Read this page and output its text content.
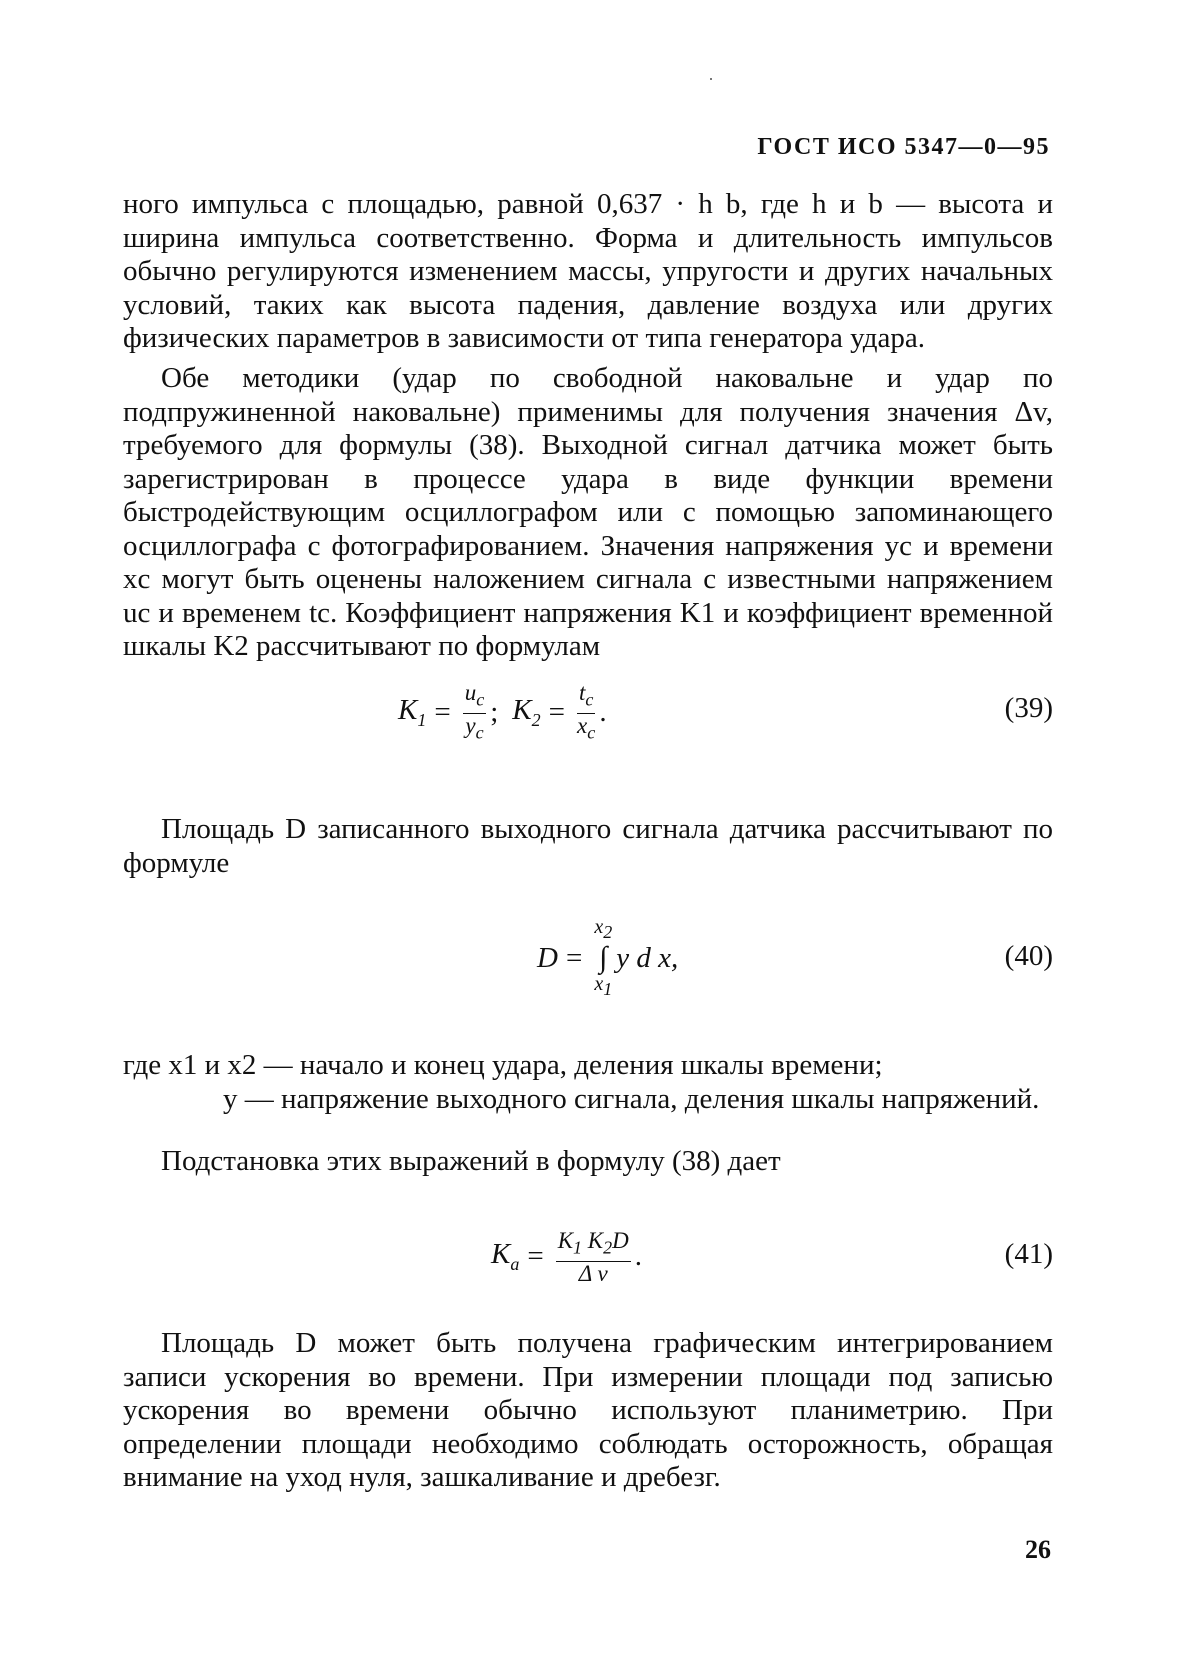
ГОСТ ИСО 5347—0—95

ного импульса с площадью, равной 0,637 · h b, где h и b — высота и ширина импульса соответственно. Форма и длительность импульсов обычно регулируются изменением массы, упругости и других начальных условий, таких как высота падения, давление воздуха или других физических параметров в зависимости от типа генератора удара.

Обе методики (удар по свободной наковальне и удар по подпружиненной наковальне) применимы для получения значения Δv, требуемого для формулы (38). Выходной сигнал датчика может быть зарегистрирован в процессе удара в виде функции времени быстродействующим осциллографом или с помощью запоминающего осциллографа с фотографированием. Значения напряжения yc и времени xc могут быть оценены наложением сигнала с известными напряжением uc и временем tc. Коэффициент напряжения K1 и коэффициент временной шкалы K2 рассчитывают по формулам

$K_1 = \frac{u_c}{y_c}$ ; $K_2 = \frac{t_c}{x_c}$ .	(39)

Площадь D записанного выходного сигнала датчика рассчитывают по формуле

D =
$x_2$
∫
$x_1$
y d x,	(40)

где x1 и x2 — начало и конец удара, деления шкалы времени;

y — напряжение выходного сигнала, деления шкалы напряжений.

Подстановка этих выражений в формулу (38) дает

$K_a = \frac{K_1 K_2D}{\text{Δ v}}$ .	(41)

Площадь D может быть получена графическим интегрированием записи ускорения во времени. При измерении площади под записью ускорения во времени обычно используют планиметрию. При определении площади необходимо соблюдать осторожность, обращая внимание на уход нуля, зашкаливание и дребезг.

26
